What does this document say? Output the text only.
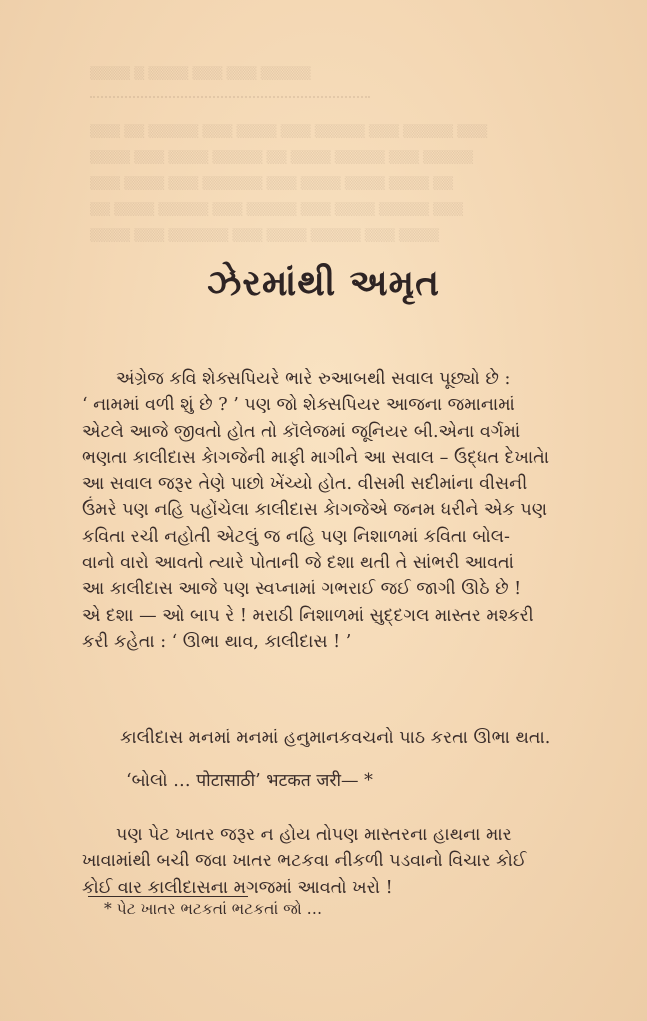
▒▒▒▒ ▒ ▒▒▒▒ ▒▒▒ ▒▒▒ ▒▒▒▒▒
▒▒▒ ▒▒ ▒▒▒▒▒ ▒▒▒ ▒▒▒▒ ▒▒▒ ▒▒▒▒▒ ▒▒▒ ▒▒▒▒▒ ▒▒▒
▒▒▒▒ ▒▒▒ ▒▒▒▒ ▒▒▒▒▒ ▒▒ ▒▒▒▒ ▒▒▒▒▒ ▒▒▒ ▒▒▒▒▒
▒▒▒ ▒▒▒▒ ▒▒▒ ▒▒▒▒▒▒ ▒▒▒ ▒▒▒▒ ▒▒▒▒ ▒▒▒▒ ▒▒
▒▒ ▒▒▒▒ ▒▒▒▒▒ ▒▒▒ ▒▒▒▒▒ ▒▒▒ ▒▒▒▒ ▒▒▒▒▒ ▒▒▒
▒▒▒▒ ▒▒▒ ▒▒▒▒▒▒ ▒▒▒ ▒▒▒▒ ▒▒▒▒▒ ▒▒▒ ▒▒▒▒
ઝેરમાંથી અમૃત
અંગ્રેજ કવિ શેક્સપિયરે ભારે રુઆબથી સવાલ પૂછ્યો છે :
‘ નામમાં વળી શું છે ? ’ પણ જો શેક્સપિયર આજના જમાનામાં
એટલે આજે જીવતો હોત તો કૉલેજમાં જૂનિયર બી.એના વર્ગમાં
ભણતા કાલીદાસ કેાગજેની માફી માગીને આ સવાલ – ઉદ્ધત દેખાતેા
આ સવાલ જરૂર તેણે પાછો ખેંચ્યો હોત. વીસમી સદીમાંના વીસની
ઉંમરે પણ નહિ પહોંચેલા કાલીદાસ કેાગજેએ જનમ ધરીને એક પણ
કવિતા રચી નહોતી એટલું જ નહિ પણ નિશાળમાં કવિતા બોલ-
વાનો વારો આવતો ત્યારે પોતાની જે દશા થતી તે સાંભરી આવતાં
આ કાલીદાસ આજે પણ સ્વપ્નામાં ગભરાઈ જઈ જાગી ઊઠે છે !
એ દશા — ઓ બાપ રે ! મરાઠી નિશાળમાં સુદ્દગલ માસ્તર મશ્કરી
કરી કહેતા : ‘ ઊભા થાવ, કાલીદાસ ! ’
કાલીદાસ મનમાં મનમાં હનુમાનકવચનો પાઠ કરતા ઊભા થતા.
‘બોલો … पोटासाठी’ भटकत जरी— *
પણ પેટ ખાતર જરૂર ન હોય તોપણ માસ્તરના હાથના માર
ખાવામાંથી બચી જવા ખાતર ભટકવા નીકળી પડવાનો વિચાર કોઈ
કોઈ વાર કાલીદાસના મગજમાં આવતો ખરો !
* પેટ ખાતર ભટકતાં ભટકતાં જો …
